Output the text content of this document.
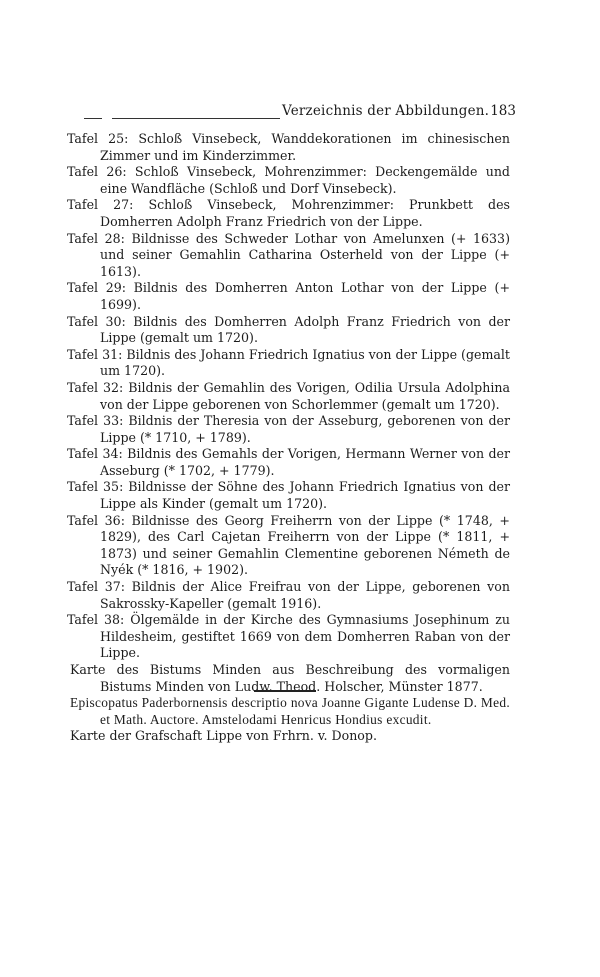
Verzeichnis der Abbildungen. 183

Tafel 25: Schloß Vinsebeck, Wanddekorationen im chinesischen Zimmer und im Kinderzimmer.

Tafel 26: Schloß Vinsebeck, Mohrenzimmer: Deckengemälde und eine Wandfläche (Schloß und Dorf Vinsebeck).

Tafel 27: Schloß Vinsebeck, Mohrenzimmer: Prunkbett des Domherren Adolph Franz Friedrich von der Lippe.

Tafel 28: Bildnisse des Schweder Lothar von Amelunxen (+ 1633) und seiner Gemahlin Catharina Osterheld von der Lippe (+ 1613).

Tafel 29: Bildnis des Domherren Anton Lothar von der Lippe (+ 1699).

Tafel 30: Bildnis des Domherren Adolph Franz Friedrich von der Lippe (gemalt um 1720).

Tafel 31: Bildnis des Johann Friedrich Ignatius von der Lippe (gemalt um 1720).

Tafel 32: Bildnis der Gemahlin des Vorigen, Odilia Ursula Adolphina von der Lippe geborenen von Schorlemmer (gemalt um 1720).

Tafel 33: Bildnis der Theresia von der Asseburg, geborenen von der Lippe (* 1710, + 1789).

Tafel 34: Bildnis des Gemahls der Vorigen, Hermann Werner von der Asseburg (* 1702, + 1779).

Tafel 35: Bildnisse der Söhne des Johann Friedrich Ignatius von der Lippe als Kinder (gemalt um 1720).

Tafel 36: Bildnisse des Georg Freiherrn von der Lippe (* 1748, + 1829), des Carl Cajetan Freiherrn von der Lippe (* 1811, + 1873) und seiner Gemahlin Clementine geborenen Németh de Nyék (* 1816, + 1902).

Tafel 37: Bildnis der Alice Freifrau von der Lippe, geborenen von Sakrossky-Kapeller (gemalt 1916).

Tafel 38: Ölgemälde in der Kirche des Gymnasiums Josephinum zu Hildesheim, gestiftet 1669 von dem Domherren Raban von der Lippe.

Karte des Bistums Minden aus Beschreibung des vormaligen Bistums Minden von Ludw. Theod. Holscher, Münster 1877.

Episcopatus Paderbornensis descriptio nova Joanne Gigante Ludense D. Med. et Math. Auctore. Amstelodami Henricus Hondius excudit.

Karte der Grafschaft Lippe von Frhrn. v. Donop.
